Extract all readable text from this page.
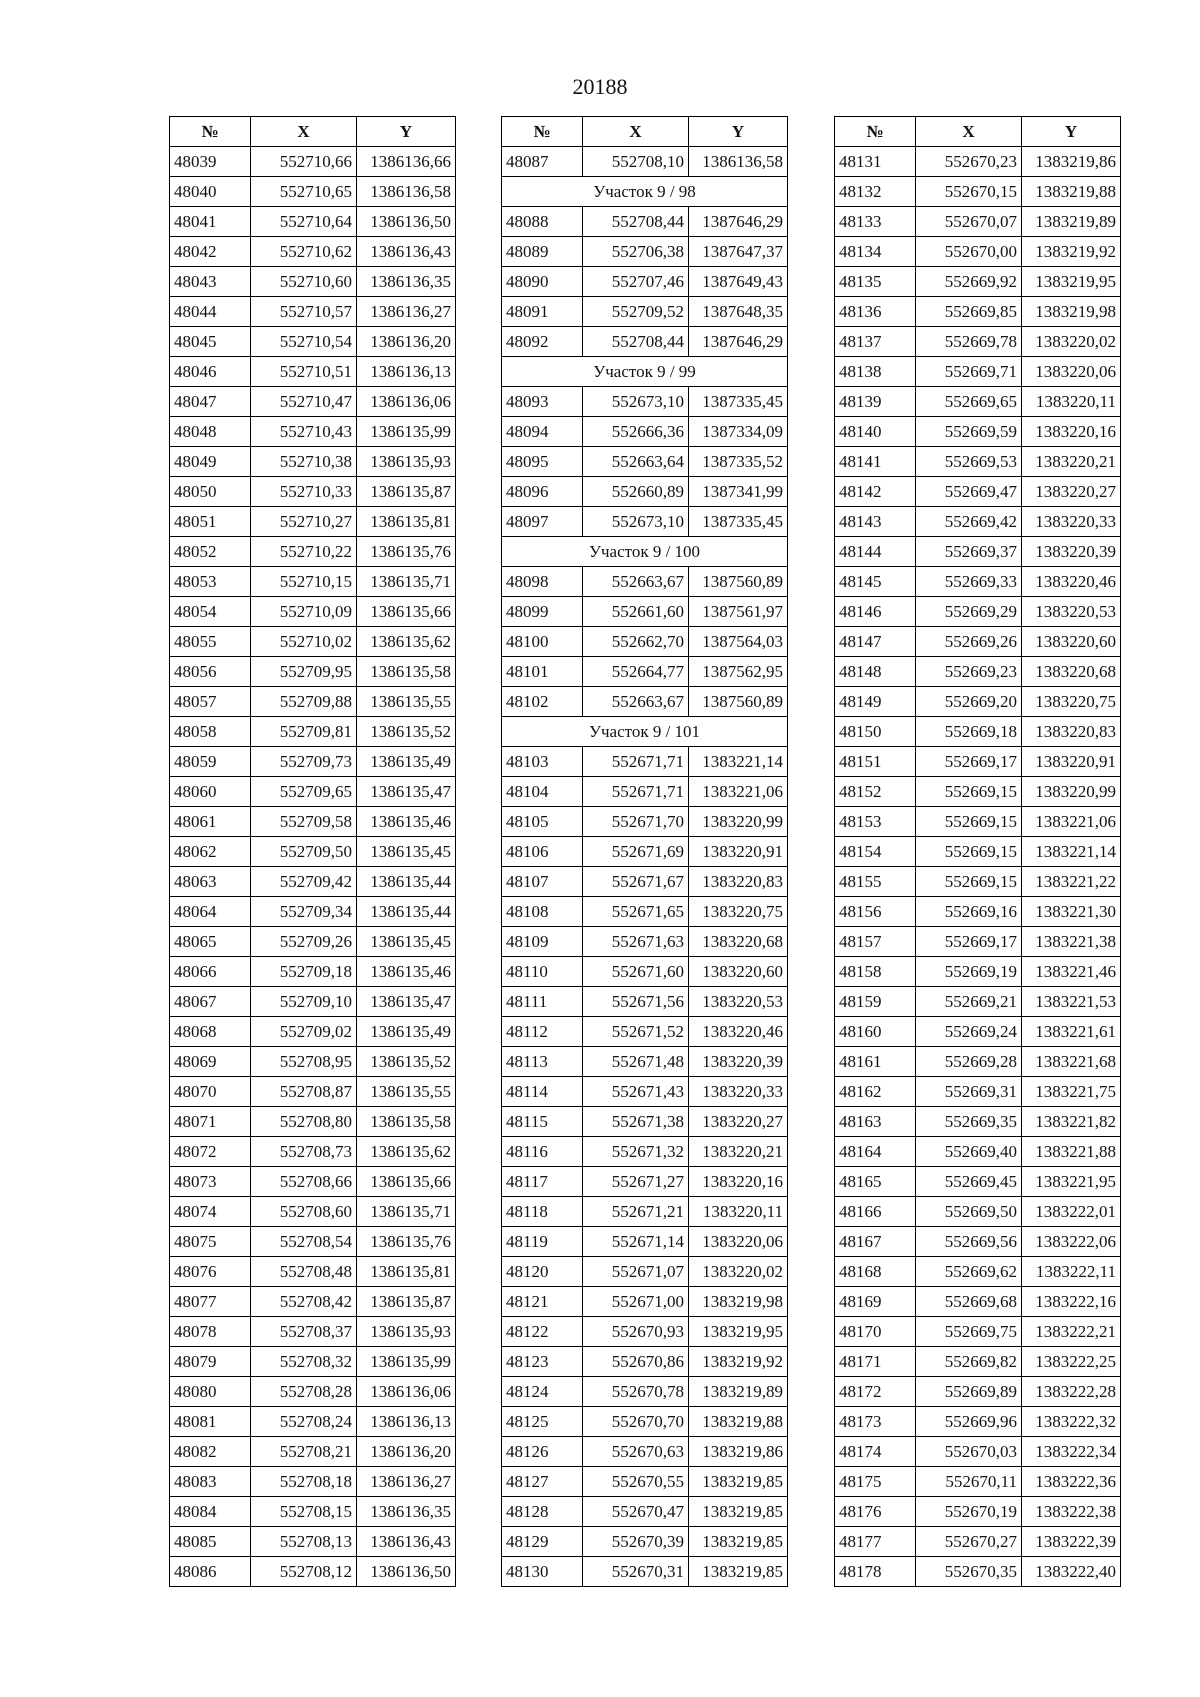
20188
№	X	Y
48039	552710,66	1386136,66
48040	552710,65	1386136,58
48041	552710,64	1386136,50
48042	552710,62	1386136,43
48043	552710,60	1386136,35
48044	552710,57	1386136,27
48045	552710,54	1386136,20
48046	552710,51	1386136,13
48047	552710,47	1386136,06
48048	552710,43	1386135,99
48049	552710,38	1386135,93
48050	552710,33	1386135,87
48051	552710,27	1386135,81
48052	552710,22	1386135,76
48053	552710,15	1386135,71
48054	552710,09	1386135,66
48055	552710,02	1386135,62
48056	552709,95	1386135,58
48057	552709,88	1386135,55
48058	552709,81	1386135,52
48059	552709,73	1386135,49
48060	552709,65	1386135,47
48061	552709,58	1386135,46
48062	552709,50	1386135,45
48063	552709,42	1386135,44
48064	552709,34	1386135,44
48065	552709,26	1386135,45
48066	552709,18	1386135,46
48067	552709,10	1386135,47
48068	552709,02	1386135,49
48069	552708,95	1386135,52
48070	552708,87	1386135,55
48071	552708,80	1386135,58
48072	552708,73	1386135,62
48073	552708,66	1386135,66
48074	552708,60	1386135,71
48075	552708,54	1386135,76
48076	552708,48	1386135,81
48077	552708,42	1386135,87
48078	552708,37	1386135,93
48079	552708,32	1386135,99
48080	552708,28	1386136,06
48081	552708,24	1386136,13
48082	552708,21	1386136,20
48083	552708,18	1386136,27
48084	552708,15	1386136,35
48085	552708,13	1386136,43
48086	552708,12	1386136,50
№	X	Y
48087	552708,10	1386136,58
Участок 9 / 98		
48088	552708,44	1387646,29
48089	552706,38	1387647,37
48090	552707,46	1387649,43
48091	552709,52	1387648,35
48092	552708,44	1387646,29
Участок 9 / 99		
48093	552673,10	1387335,45
48094	552666,36	1387334,09
48095	552663,64	1387335,52
48096	552660,89	1387341,99
48097	552673,10	1387335,45
Участок 9 / 100		
48098	552663,67	1387560,89
48099	552661,60	1387561,97
48100	552662,70	1387564,03
48101	552664,77	1387562,95
48102	552663,67	1387560,89
Участок 9 / 101		
48103	552671,71	1383221,14
48104	552671,71	1383221,06
48105	552671,70	1383220,99
48106	552671,69	1383220,91
48107	552671,67	1383220,83
48108	552671,65	1383220,75
48109	552671,63	1383220,68
48110	552671,60	1383220,60
48111	552671,56	1383220,53
48112	552671,52	1383220,46
48113	552671,48	1383220,39
48114	552671,43	1383220,33
48115	552671,38	1383220,27
48116	552671,32	1383220,21
48117	552671,27	1383220,16
48118	552671,21	1383220,11
48119	552671,14	1383220,06
48120	552671,07	1383220,02
48121	552671,00	1383219,98
48122	552670,93	1383219,95
48123	552670,86	1383219,92
48124	552670,78	1383219,89
48125	552670,70	1383219,88
48126	552670,63	1383219,86
48127	552670,55	1383219,85
48128	552670,47	1383219,85
48129	552670,39	1383219,85
48130	552670,31	1383219,85
№	X	Y
48131	552670,23	1383219,86
48132	552670,15	1383219,88
48133	552670,07	1383219,89
48134	552670,00	1383219,92
48135	552669,92	1383219,95
48136	552669,85	1383219,98
48137	552669,78	1383220,02
48138	552669,71	1383220,06
48139	552669,65	1383220,11
48140	552669,59	1383220,16
48141	552669,53	1383220,21
48142	552669,47	1383220,27
48143	552669,42	1383220,33
48144	552669,37	1383220,39
48145	552669,33	1383220,46
48146	552669,29	1383220,53
48147	552669,26	1383220,60
48148	552669,23	1383220,68
48149	552669,20	1383220,75
48150	552669,18	1383220,83
48151	552669,17	1383220,91
48152	552669,15	1383220,99
48153	552669,15	1383221,06
48154	552669,15	1383221,14
48155	552669,15	1383221,22
48156	552669,16	1383221,30
48157	552669,17	1383221,38
48158	552669,19	1383221,46
48159	552669,21	1383221,53
48160	552669,24	1383221,61
48161	552669,28	1383221,68
48162	552669,31	1383221,75
48163	552669,35	1383221,82
48164	552669,40	1383221,88
48165	552669,45	1383221,95
48166	552669,50	1383222,01
48167	552669,56	1383222,06
48168	552669,62	1383222,11
48169	552669,68	1383222,16
48170	552669,75	1383222,21
48171	552669,82	1383222,25
48172	552669,89	1383222,28
48173	552669,96	1383222,32
48174	552670,03	1383222,34
48175	552670,11	1383222,36
48176	552670,19	1383222,38
48177	552670,27	1383222,39
48178	552670,35	1383222,40
